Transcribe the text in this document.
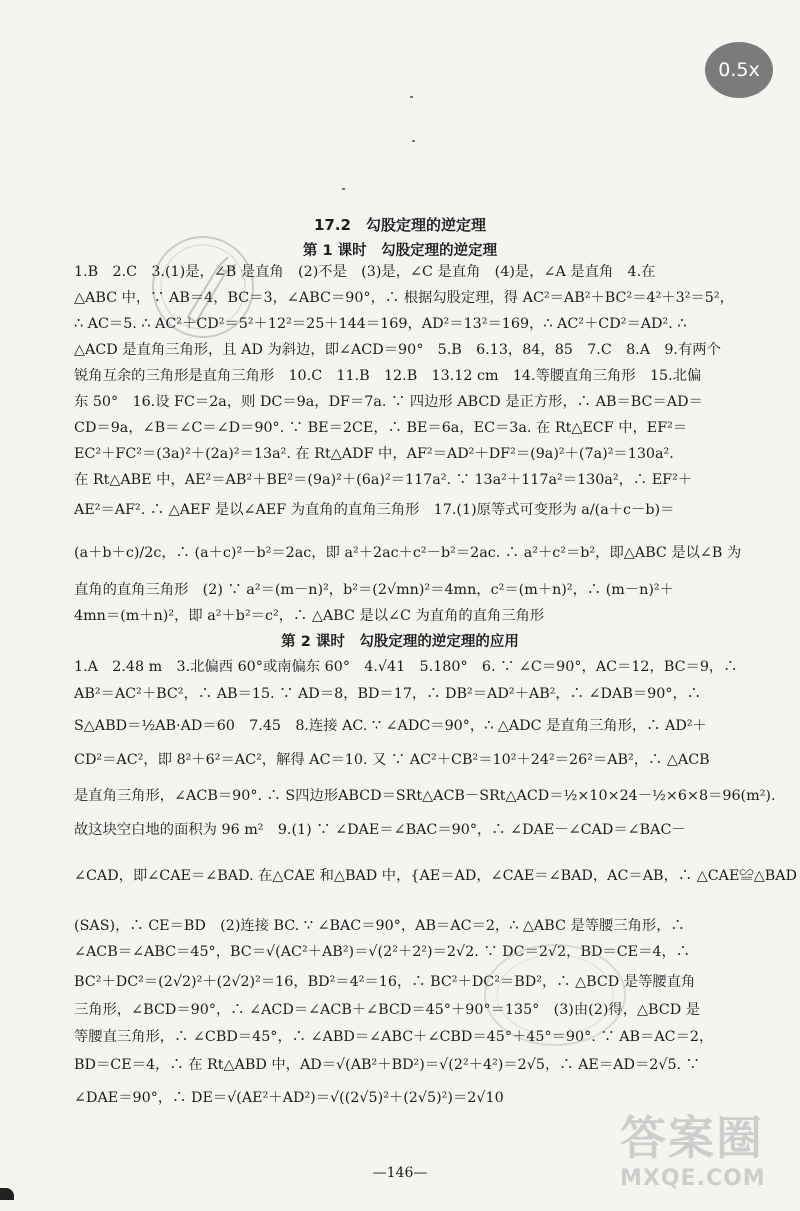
0.5x
17.2　勾股定理的逆定理
第 1 课时　勾股定理的逆定理
1.B　2.C　3.(1)是，∠B 是直角　(2)不是　(3)是，∠C 是直角　(4)是，∠A 是直角　4.在
△ABC 中，∵ AB＝4，BC＝3，∠ABC＝90°，∴ 根据勾股定理，得 AC²＝AB²＋BC²＝4²＋3²＝5²，
∴ AC＝5. ∴ AC²＋CD²＝5²＋12²＝25＋144＝169，AD²＝13²＝169，∴ AC²＋CD²＝AD². ∴
△ACD 是直角三角形，且 AD 为斜边，即∠ACD＝90°　5.B　6.13，84，85　7.C　8.A　9.有两个
锐角互余的三角形是直角三角形　10.C　11.B　12.B　13.12 cm　14.等腰直角三角形　15.北偏
东 50°　16.设 FC＝2a，则 DC＝9a，DF＝7a. ∵ 四边形 ABCD 是正方形，∴ AB＝BC＝AD＝
CD＝9a，∠B＝∠C＝∠D＝90°. ∵ BE＝2CE，∴ BE＝6a，EC＝3a. 在 Rt△ECF 中，EF²＝
EC²＋FC²＝(3a)²＋(2a)²＝13a². 在 Rt△ADF 中，AF²＝AD²＋DF²＝(9a)²＋(7a)²＝130a².
在 Rt△ABE 中，AE²＝AB²＋BE²＝(9a)²＋(6a)²＝117a². ∵ 13a²＋117a²＝130a²，∴ EF²＋
AE²＝AF². ∴ △AEF 是以∠AEF 为直角的直角三角形　17.(1)原等式可变形为 a/(a＋c－b)＝
(a＋b＋c)/2c，∴ (a＋c)²－b²＝2ac，即 a²＋2ac＋c²－b²＝2ac. ∴ a²＋c²＝b²，即△ABC 是以∠B 为
直角的直角三角形　(2) ∵ a²＝(m－n)²，b²＝(2√mn)²＝4mn，c²＝(m＋n)²，∴ (m－n)²＋
4mn＝(m＋n)²，即 a²＋b²＝c²，∴ △ABC 是以∠C 为直角的直角三角形
第 2 课时　勾股定理的逆定理的应用
1.A　2.48 m　3.北偏西 60°或南偏东 60°　4.√41　5.180°　6. ∵ ∠C＝90°，AC＝12，BC＝9，∴
AB²＝AC²＋BC²，∴ AB＝15. ∵ AD＝8，BD＝17，∴ DB²＝AD²＋AB²，∴ ∠DAB＝90°，∴
S△ABD＝½AB·AD＝60　7.45　8.连接 AC. ∵ ∠ADC＝90°，∴ △ADC 是直角三角形，∴ AD²＋
CD²＝AC²，即 8²＋6²＝AC²，解得 AC＝10. 又 ∵ AC²＋CB²＝10²＋24²＝26²＝AB²，∴ △ACB
是直角三角形，∠ACB＝90°. ∴ S四边形ABCD＝SRt△ACB－SRt△ACD＝½×10×24－½×6×8＝96(m²).
故这块空白地的面积为 96 m²　9.(1) ∵ ∠DAE＝∠BAC＝90°，∴ ∠DAE－∠CAD＝∠BAC－
∠CAD，即∠CAE＝∠BAD. 在△CAE 和△BAD 中，{AE＝AD，∠CAE＝∠BAD，AC＝AB，∴ △CAE≌△BAD
(SAS)，∴ CE＝BD　(2)连接 BC. ∵ ∠BAC＝90°，AB＝AC＝2，∴ △ABC 是等腰三角形，∴
∠ACB＝∠ABC＝45°，BC＝√(AC²＋AB²)＝√(2²＋2²)＝2√2. ∵ DC＝2√2，BD＝CE＝4，∴
BC²＋DC²＝(2√2)²＋(2√2)²＝16，BD²＝4²＝16，∴ BC²＋DC²＝BD²，∴ △BCD 是等腰直角
三角形，∠BCD＝90°，∴ ∠ACD＝∠ACB＋∠BCD＝45°＋90°＝135°　(3)由(2)得，△BCD 是
等腰直三角形，∴ ∠CBD＝45°，∴ ∠ABD＝∠ABC＋∠CBD＝45°＋45°＝90°. ∵ AB＝AC＝2，
BD＝CE＝4，∴ 在 Rt△ABD 中，AD＝√(AB²＋BD²)＝√(2²＋4²)＝2√5，∴ AE＝AD＝2√5. ∵
∠DAE＝90°，∴ DE＝√(AE²＋AD²)＝√((2√5)²＋(2√5)²)＝2√10
—146—
答案圈
MXQE.COM
